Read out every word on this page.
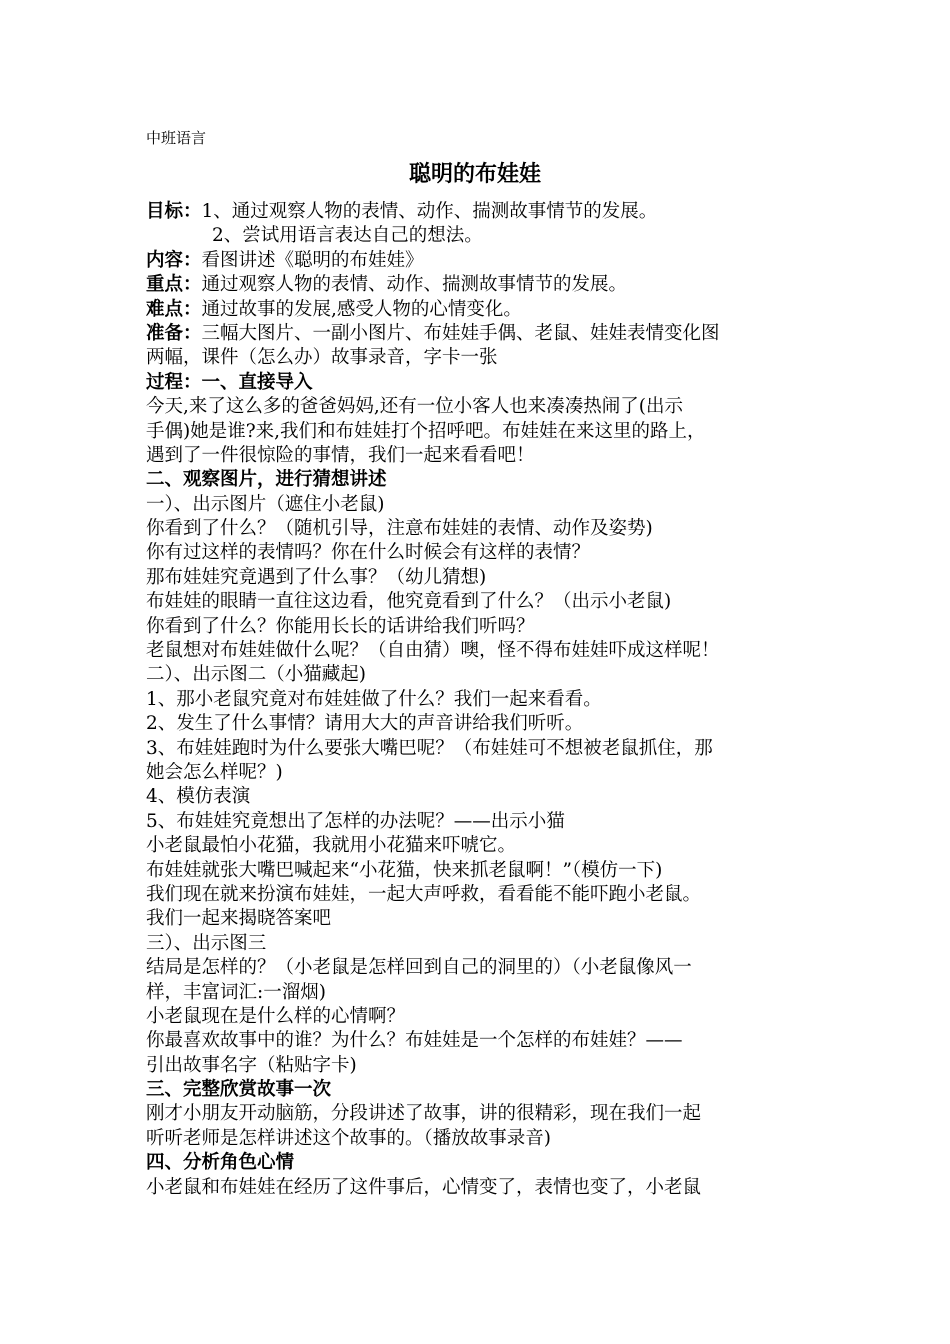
中班语言
聪明的布娃娃
目标：1、通过观察人物的表情、动作、揣测故事情节的发展。
2、尝试用语言表达自己的想法。
内容：看图讲述《聪明的布娃娃》
重点：通过观察人物的表情、动作、揣测故事情节的发展。
难点：通过故事的发展,感受人物的心情变化。
准备：三幅大图片、一副小图片、布娃娃手偶、老鼠、娃娃表情变化图
两幅，课件（怎么办）故事录音，字卡一张
过程：一、直接导入
今天,来了这么多的爸爸妈妈,还有一位小客人也来凑凑热闹了(出示
手偶)她是谁?来,我们和布娃娃打个招呼吧。布娃娃在来这里的路上，
遇到了一件很惊险的事情，我们一起来看看吧！
二、观察图片，进行猜想讲述
一）、出示图片（遮住小老鼠)
你看到了什么？（随机引导，注意布娃娃的表情、动作及姿势)
你有过这样的表情吗？你在什么时候会有这样的表情？
那布娃娃究竟遇到了什么事？（幼儿猜想)
布娃娃的眼睛一直往这边看，他究竟看到了什么？（出示小老鼠)
你看到了什么？你能用长长的话讲给我们听吗？
老鼠想对布娃娃做什么呢？（自由猜）噢，怪不得布娃娃吓成这样呢！
二）、出示图二（小猫藏起)
1、那小老鼠究竟对布娃娃做了什么？我们一起来看看。
2、发生了什么事情？请用大大的声音讲给我们听听。
3、布娃娃跑时为什么要张大嘴巴呢？（布娃娃可不想被老鼠抓住，那
她会怎么样呢？)
4、模仿表演
5、布娃娃究竟想出了怎样的办法呢？——出示小猫
小老鼠最怕小花猫，我就用小花猫来吓唬它。
布娃娃就张大嘴巴喊起来“小花猫，快来抓老鼠啊！”（模仿一下)
我们现在就来扮演布娃娃，一起大声呼救，看看能不能吓跑小老鼠。
我们一起来揭晓答案吧
三）、出示图三
结局是怎样的？（小老鼠是怎样回到自己的洞里的）（小老鼠像风一
样，丰富词汇:一溜烟)
小老鼠现在是什么样的心情啊？
你最喜欢故事中的谁？为什么？布娃娃是一个怎样的布娃娃？——
引出故事名字（粘贴字卡)
三、完整欣赏故事一次
刚才小朋友开动脑筋，分段讲述了故事，讲的很精彩，现在我们一起
听听老师是怎样讲述这个故事的。（播放故事录音)
四、分析角色心情
小老鼠和布娃娃在经历了这件事后，心情变了，表情也变了，小老鼠
